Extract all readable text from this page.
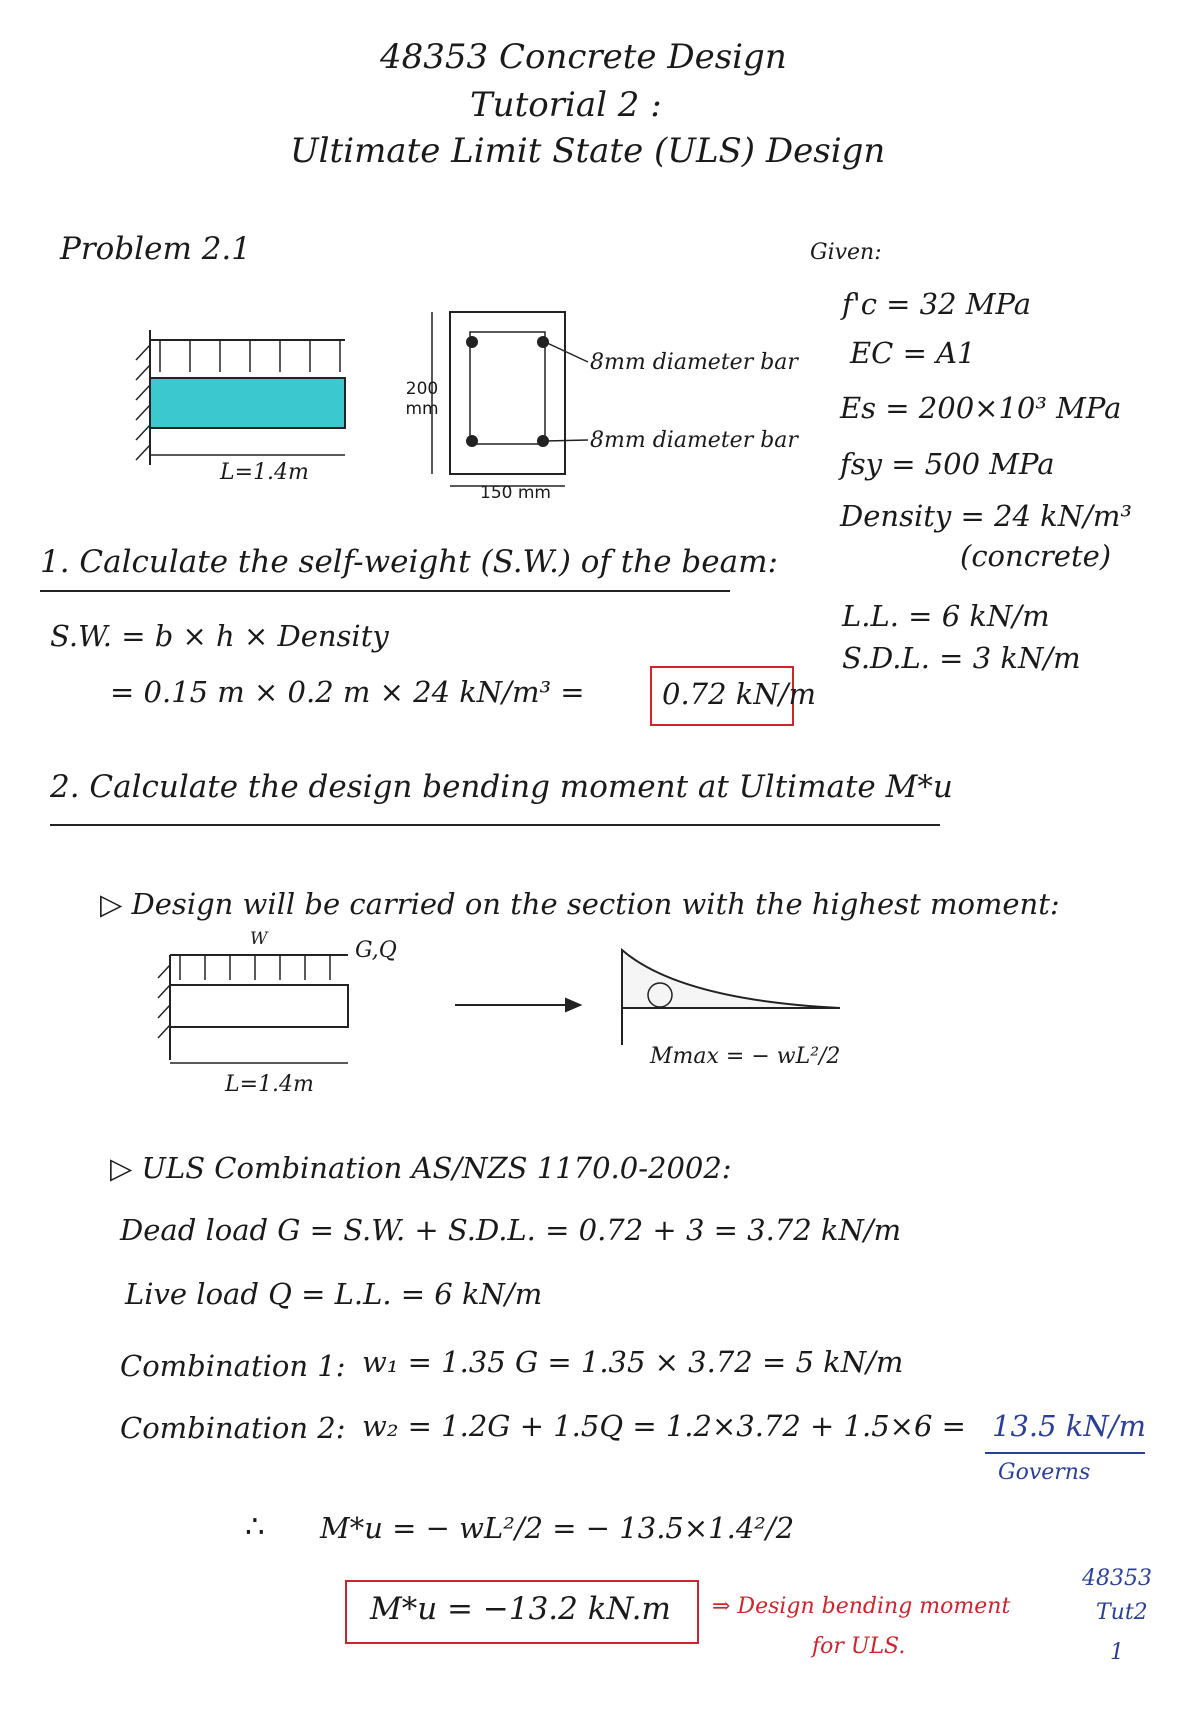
48353 Concrete Design
Tutorial 2 :
Ultimate Limit State (ULS) Design
Problem 2.1	Given:
f'c = 32 MPa
EC = A1
Es = 200×10³ MPa
fsy = 500 MPa
Density = 24 kN/m³
(concrete)
L.L. = 6 kN/m
S.D.L. = 3 kN/m
L=1.4m
200 mm
150 mm
8mm diameter bar
8mm diameter bar
1. Calculate the self-weight (S.W.) of the beam:
S.W. = b × h × Density
= 0.15 m × 0.2 m × 24 kN/m³ =	0.72 kN/m
2. Calculate the design bending moment at Ultimate M*u
▷ Design will be carried on the section with the highest moment:
W	G,Q
L=1.4m
Mmax = − wL²/2
▷ ULS Combination AS/NZS 1170.0-2002:
Dead load G = S.W. + S.D.L. = 0.72 + 3 = 3.72 kN/m
Live load Q = L.L. = 6 kN/m
Combination 1: w₁ = 1.35 G = 1.35 × 3.72 = 5 kN/m
Combination 2: w₂ = 1.2G + 1.5Q = 1.2×3.72 + 1.5×6 = 13.5 kN/m
Governs
∴ M*u = − wL²/2 = − 13.5×1.4²/2
M*u = −13.2 kN.m ⇒ Design bending moment
for ULS.
48353
Tut2
1
